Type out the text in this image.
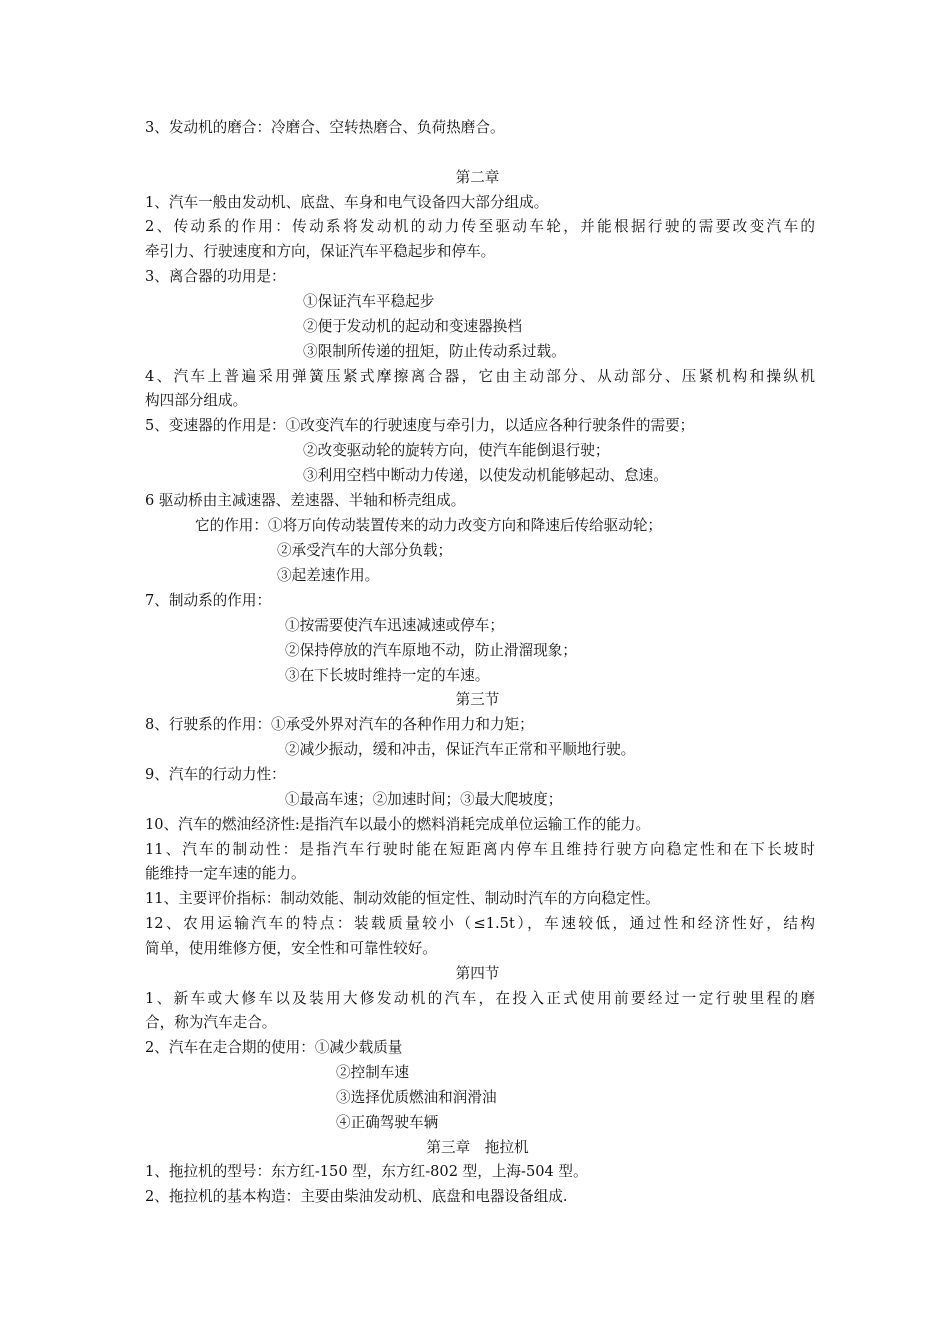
3、发动机的磨合：冷磨合、空转热磨合、负荷热磨合。
第二章
1、汽车一般由发动机、底盘、车身和电气设备四大部分组成。
2、传动系的作用：传动系将发动机的动力传至驱动车轮，并能根据行驶的需要改变汽车的
牵引力、行驶速度和方向，保证汽车平稳起步和停车。
3、离合器的功用是：
①保证汽车平稳起步
②便于发动机的起动和变速器换档
③限制所传递的扭矩，防止传动系过载。
4、汽车上普遍采用弹簧压紧式摩擦离合器，它由主动部分、从动部分、压紧机构和操纵机
构四部分组成。
5、变速器的作用是：①改变汽车的行驶速度与牵引力，以适应各种行驶条件的需要；
②改变驱动轮的旋转方向，使汽车能倒退行驶；
③利用空档中断动力传递，以使发动机能够起动、怠速。
6 驱动桥由主减速器、差速器、半轴和桥壳组成。
它的作用：①将万向传动装置传来的动力改变方向和降速后传给驱动轮；
②承受汽车的大部分负载；
③起差速作用。
7、制动系的作用：
①按需要使汽车迅速减速或停车；
②保持停放的汽车原地不动，防止滑溜现象；
③在下长坡时维持一定的车速。
第三节
8、行驶系的作用：①承受外界对汽车的各种作用力和力矩；
②减少振动，缓和冲击，保证汽车正常和平顺地行驶。
9、汽车的行动力性：
①最高车速；②加速时间；③最大爬坡度；
10、汽车的燃油经济性:是指汽车以最小的燃料消耗完成单位运输工作的能力。
11、汽车的制动性：是指汽车行驶时能在短距离内停车且维持行驶方向稳定性和在下长坡时
能维持一定车速的能力。
11、主要评价指标：制动效能、制动效能的恒定性、制动时汽车的方向稳定性。
12、农用运输汽车的特点：装载质量较小（≤1.5t），车速较低，通过性和经济性好，结构
简单，使用维修方便，安全性和可靠性较好。
第四节
1、新车或大修车以及装用大修发动机的汽车，在投入正式使用前要经过一定行驶里程的磨
合，称为汽车走合。
2、汽车在走合期的使用：①减少载质量
②控制车速
③选择优质燃油和润滑油
④正确驾驶车辆
第三章　拖拉机
1、拖拉机的型号：东方红-150 型，东方红-802 型，上海-504 型。
2、拖拉机的基本构造：主要由柴油发动机、底盘和电器设备组成.
